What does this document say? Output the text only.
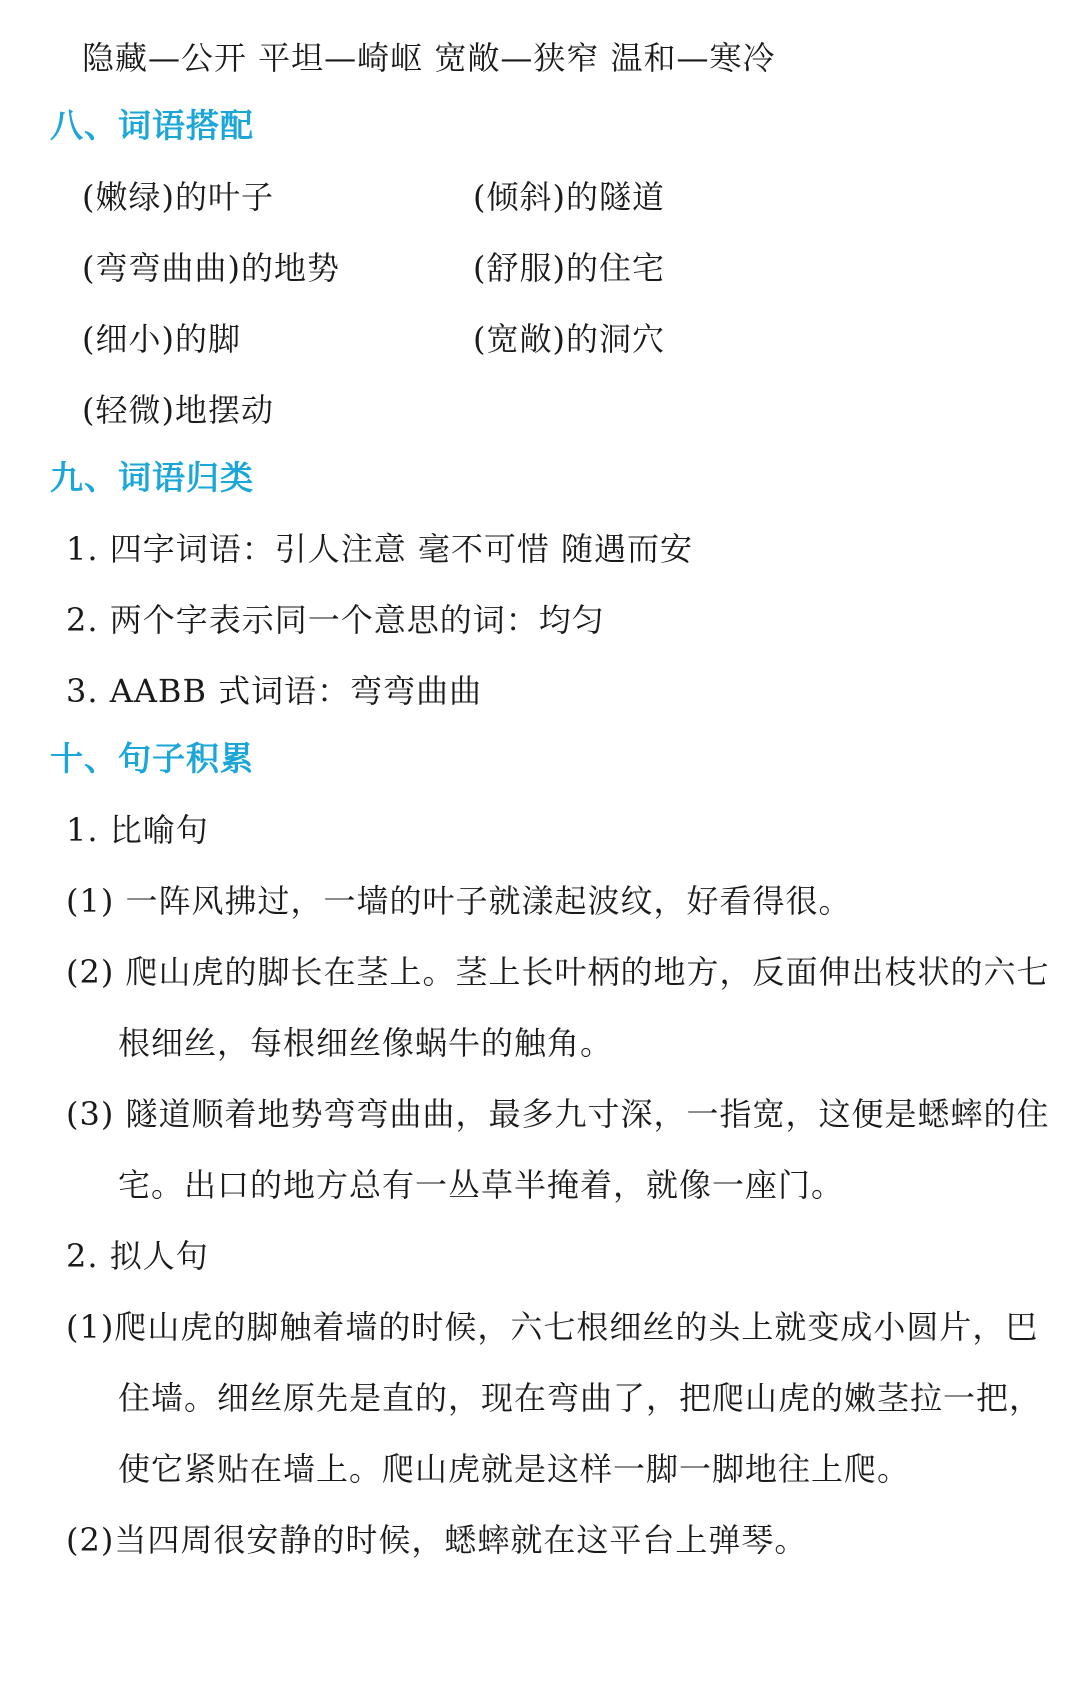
隐藏—公开 平坦—崎岖 宽敞—狭窄 温和—寒冷
八、词语搭配
(嫩绿)的叶子	(倾斜)的隧道
(弯弯曲曲)的地势	(舒服)的住宅
(细小)的脚	(宽敞)的洞穴
(轻微)地摆动
九、词语归类
1. 四字词语：引人注意 毫不可惜 随遇而安
2. 两个字表示同一个意思的词：均匀
3. AABB 式词语：弯弯曲曲
十、句子积累
1. 比喻句
(1) 一阵风拂过，一墙的叶子就漾起波纹，好看得很。
(2) 爬山虎的脚长在茎上。茎上长叶柄的地方，反面伸出枝状的六七
根细丝，每根细丝像蜗牛的触角。
(3) 隧道顺着地势弯弯曲曲，最多九寸深，一指宽，这便是蟋蟀的住
宅。出口的地方总有一丛草半掩着，就像一座门。
2. 拟人句
(1)爬山虎的脚触着墙的时候，六七根细丝的头上就变成小圆片，巴
住墙。细丝原先是直的，现在弯曲了，把爬山虎的嫩茎拉一把，
使它紧贴在墙上。爬山虎就是这样一脚一脚地往上爬。
(2)当四周很安静的时候，蟋蟀就在这平台上弹琴。
